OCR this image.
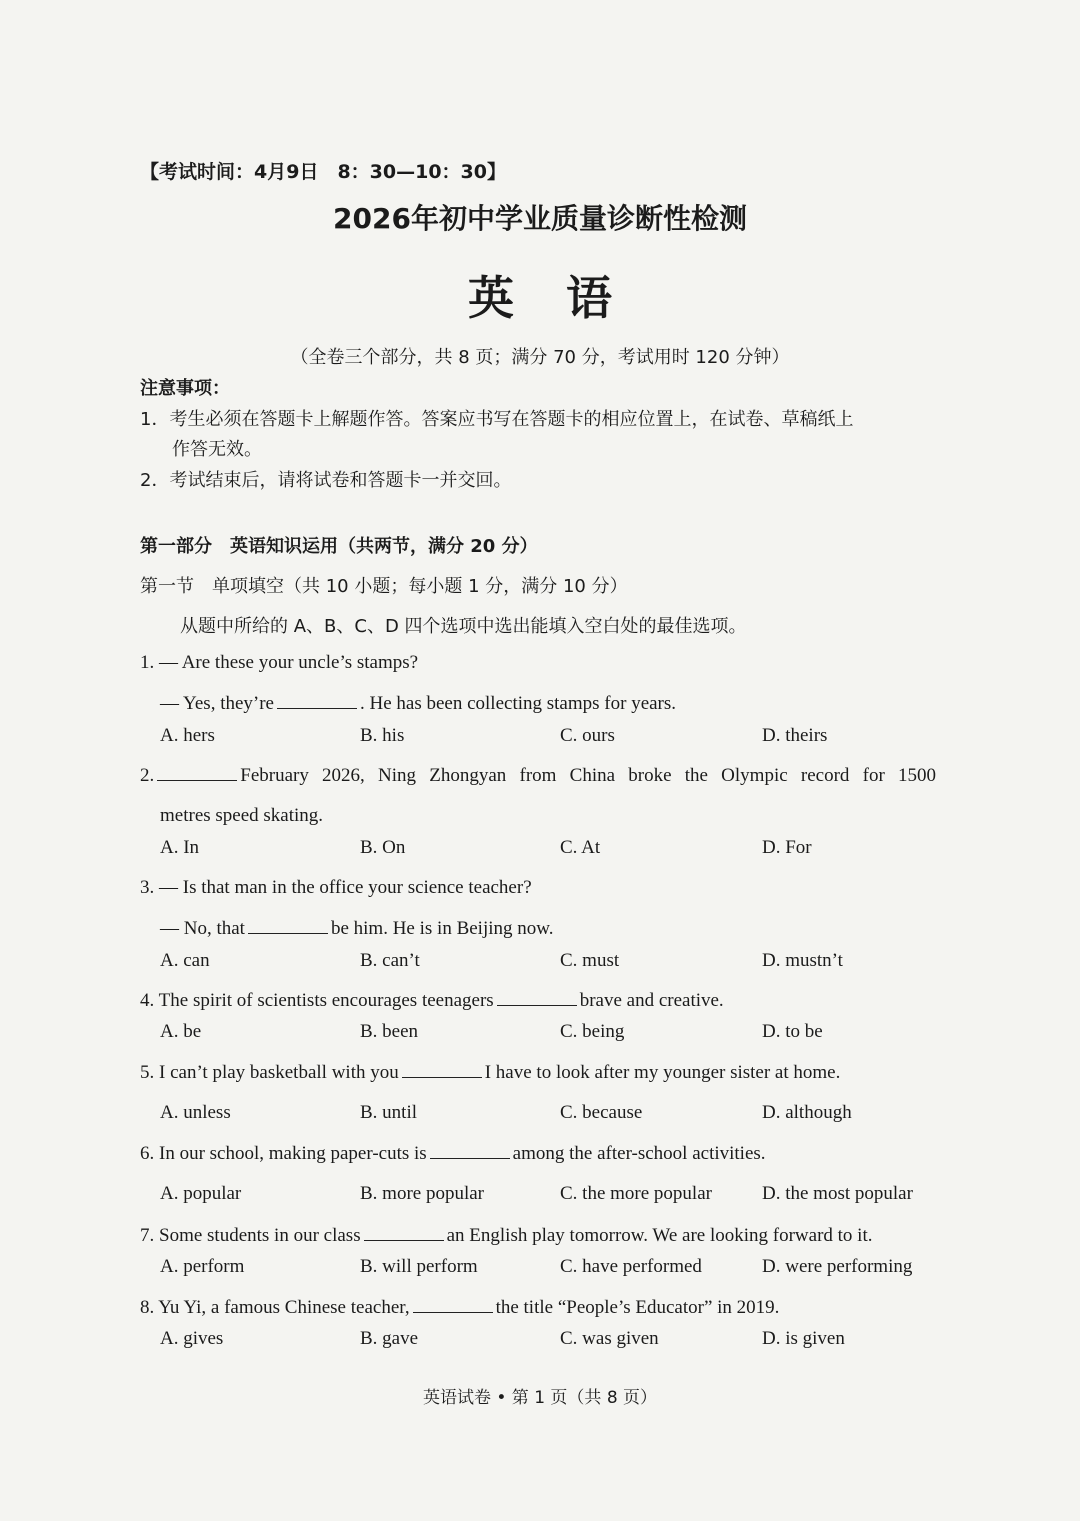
【考试时间：4月9日　8：30—10：30】
2026年初中学业质量诊断性检测
英语
（全卷三个部分，共 8 页；满分 70 分，考试用时 120 分钟）
注意事项：
1．考生必须在答题卡上解题作答。答案应书写在答题卡的相应位置上，在试卷、草稿纸上
作答无效。
2．考试结束后，请将试卷和答题卡一并交回。
第一部分　英语知识运用（共两节，满分 20 分）
第一节　单项填空（共 10 小题；每小题 1 分，满分 10 分）
从题中所给的 A、B、C、D 四个选项中选出能填入空白处的最佳选项。
1. — Are these your uncle’s stamps?
— Yes, they’re	. He has been collecting stamps for years.
A. hers	B. his	C. ours	D. theirs
2.	February 2026, Ning Zhongyan from China broke the Olympic record for 1500
metres speed skating.
A. In	B. On	C. At	D. For
3. — Is that man in the office your science teacher?
— No, that	be him. He is in Beijing now.
A. can	B. can’t	C. must	D. mustn’t
4. The spirit of scientists encourages teenagers	brave and creative.
A. be	B. been	C. being	D. to be
5. I can’t play basketball with you	I have to look after my younger sister at home.
A. unless	B. until	C. because	D. although
6. In our school, making paper-cuts is	among the after-school activities.
A. popular	B. more popular	C. the more popular	D. the most popular
7. Some students in our class	an English play tomorrow. We are looking forward to it.
A. perform	B. will perform	C. have performed	D. were performing
8. Yu Yi, a famous Chinese teacher,	the title “People’s Educator” in 2019.
A. gives	B. gave	C. was given	D. is given
英语试卷 • 第 1 页（共 8 页）
